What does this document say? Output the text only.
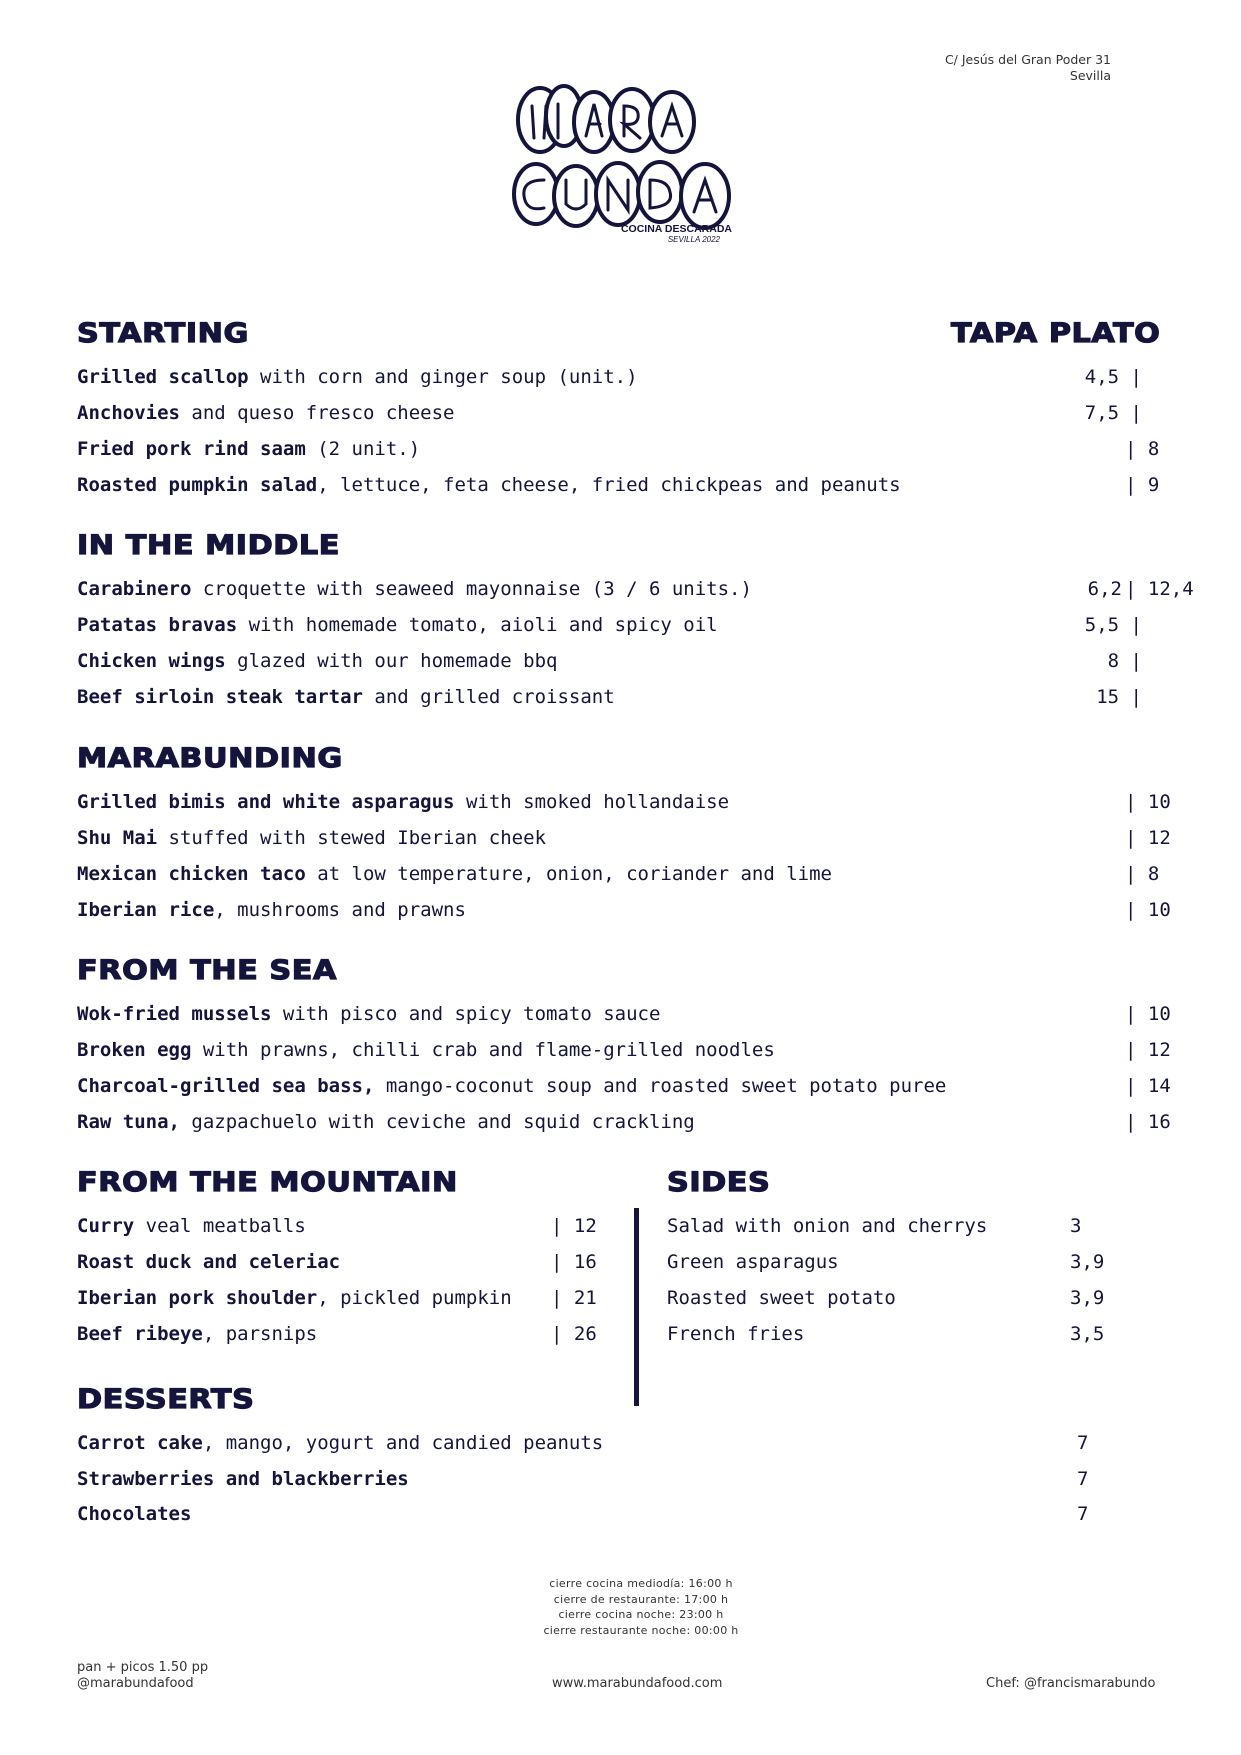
C/ Jesús del Gran Poder 31
Sevilla
COCINA DESCARADA
SEVILLA 2022
STARTING	TAPA PLATO
Grilled scallop with corn and ginger soup (unit.)	4,5 |
Anchovies and queso fresco cheese	7,5 |
Fried pork rind saam (2 unit.)	| 8
Roasted pumpkin salad, lettuce, feta cheese, fried chickpeas and peanuts	| 9
IN THE MIDDLE
Carabinero croquette with seaweed mayonnaise (3 / 6 units.)	6,2 | 12,4
Patatas bravas with homemade tomato, aioli and spicy oil	5,5 |
Chicken wings glazed with our homemade bbq	8 |
Beef sirloin steak tartar and grilled croissant	15 |
MARABUNDING
Grilled bimis and white asparagus with smoked hollandaise	| 10
Shu Mai stuffed with stewed Iberian cheek	| 12
Mexican chicken taco at low temperature, onion, coriander and lime	| 8
Iberian rice, mushrooms and prawns	| 10
FROM THE SEA
Wok-fried mussels with pisco and spicy tomato sauce	| 10
Broken egg with prawns, chilli crab and flame-grilled noodles	| 12
Charcoal-grilled sea bass, mango-coconut soup and roasted sweet potato puree	| 14
Raw tuna, gazpachuelo with ceviche and squid crackling	| 16
FROM THE MOUNTAIN
Curry veal meatballs	| 12
Roast duck and celeriac	| 16
Iberian pork shoulder, pickled pumpkin | 21
Beef ribeye, parsnips	| 26
SIDES
Salad with onion and cherrys	3
Green asparagus	3,9
Roasted sweet potato	3,9
French fries	3,5
DESSERTS
Carrot cake, mango, yogurt and candied peanuts	7
Strawberries and blackberries	7
Chocolates	7
cierre cocina mediodía: 16:00 h
cierre de restaurante: 17:00 h
cierre cocina noche: 23:00 h
cierre restaurante noche: 00:00 h
pan + picos 1.50 pp
@marabundafood	www.marabundafood.com	Chef: @francismarabundo
